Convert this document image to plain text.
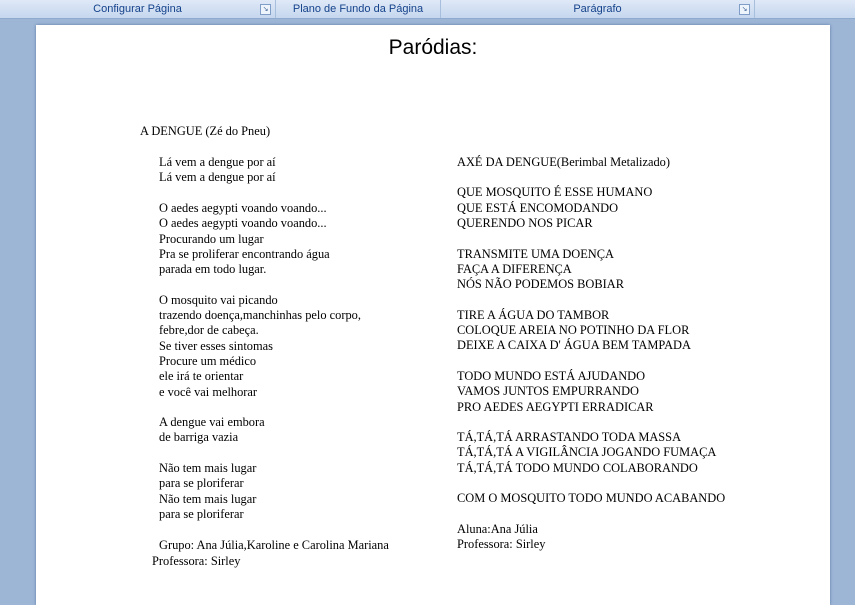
Configurar Página	↘	Plano de Fundo da Página	Parágrafo	↘
Paródias:
A DENGUE (Zé do Pneu)
Lá vem a dengue por aí
Lá vem a dengue por aí
O aedes aegypti voando voando...
O aedes aegypti voando voando...
Procurando um lugar
Pra se proliferar encontrando água
parada em todo lugar.
O mosquito vai picando
trazendo doença,manchinhas pelo corpo,
febre,dor de cabeça.
Se tiver esses sintomas
Procure um médico
ele irá te orientar
e você vai melhorar
A dengue vai embora
de barriga vazia
Não tem mais lugar
para se ploriferar
Não tem mais lugar
para se ploriferar
Grupo: Ana Júlia,Karoline e Carolina Mariana
Professora: Sirley
AXÉ DA DENGUE(Berimbal Metalizado)
QUE MOSQUITO É ESSE HUMANO
QUE ESTÁ ENCOMODANDO
QUERENDO NOS PICAR
TRANSMITE UMA DOENÇA
FAÇA A DIFERENÇA
NÓS NÃO PODEMOS BOBIAR
TIRE A ÁGUA DO TAMBOR
COLOQUE AREIA NO POTINHO DA FLOR
DEIXE A CAIXA D' ÁGUA BEM TAMPADA
TODO MUNDO ESTÁ AJUDANDO
VAMOS JUNTOS EMPURRANDO
PRO AEDES AEGYPTI ERRADICAR
TÁ,TÁ,TÁ ARRASTANDO TODA MASSA
TÁ,TÁ,TÁ A VIGILÂNCIA JOGANDO FUMAÇA
TÁ,TÁ,TÁ TODO MUNDO COLABORANDO
COM O MOSQUITO TODO MUNDO ACABANDO
Aluna:Ana Júlia
Professora: Sirley
